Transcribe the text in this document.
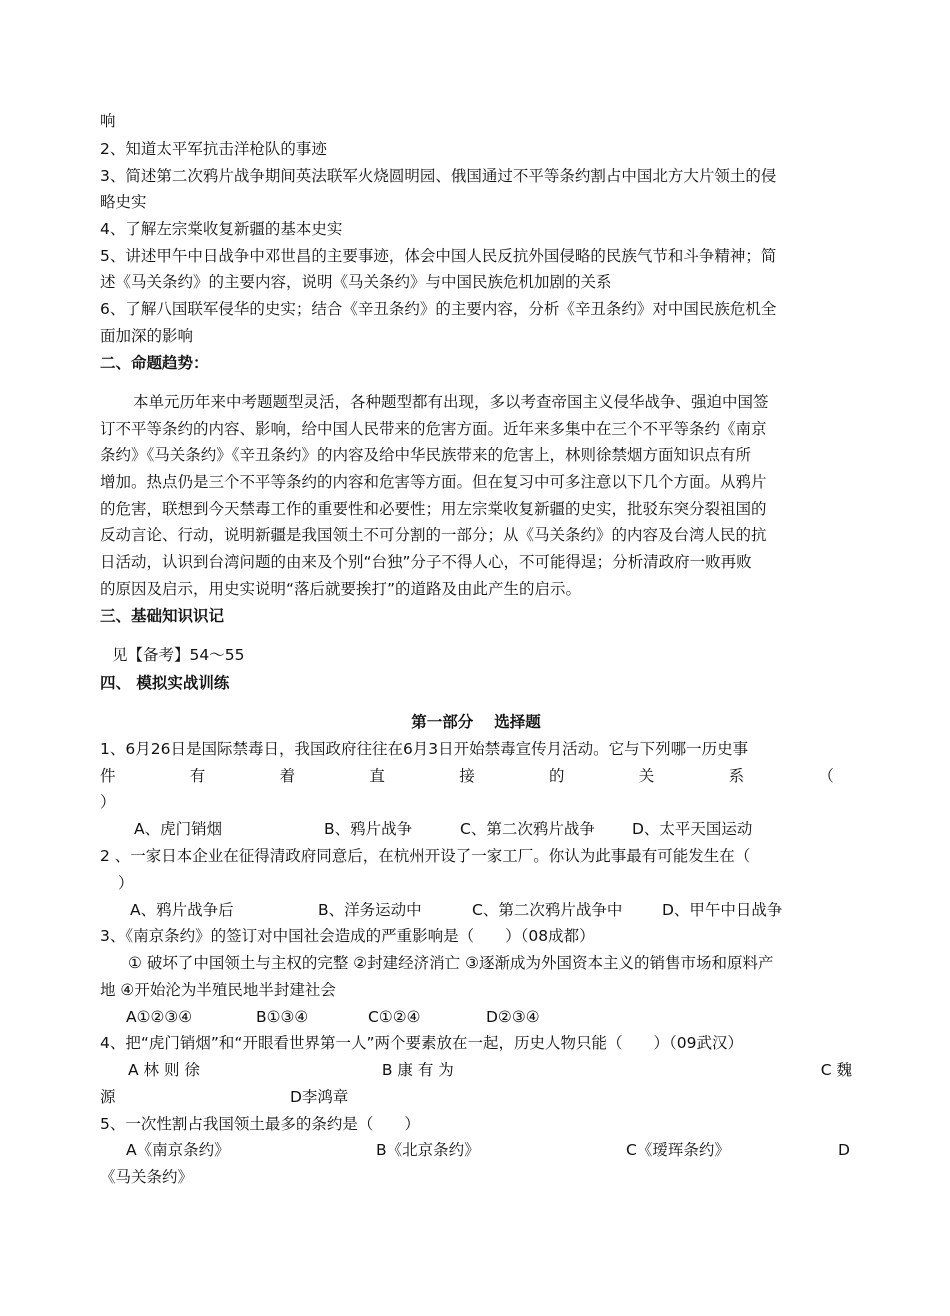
响
2、知道太平军抗击洋枪队的事迹
3、简述第二次鸦片战争期间英法联军火烧圆明园、俄国通过不平等条约割占中国北方大片领土的侵
略史实
4、了解左宗棠收复新疆的基本史实
5、讲述甲午中日战争中邓世昌的主要事迹，体会中国人民反抗外国侵略的民族气节和斗争精神；简
述《马关条约》的主要内容，说明《马关条约》与中国民族危机加剧的关系
6、了解八国联军侵华的史实；结合《辛丑条约》的主要内容，分析《辛丑条约》对中国民族危机全
面加深的影响
二、命题趋势：
本单元历年来中考题题型灵活，各种题型都有出现，多以考查帝国主义侵华战争、强迫中国签
订不平等条约的内容、影响，给中国人民带来的危害方面。近年来多集中在三个不平等条约《南京
条约》《马关条约》《辛丑条约》的内容及给中华民族带来的危害上，林则徐禁烟方面知识点有所
增加。热点仍是三个不平等条约的内容和危害等方面。但在复习中可多注意以下几个方面。从鸦片
的危害，联想到今天禁毒工作的重要性和必要性；用左宗棠收复新疆的史实，批驳东突分裂祖国的
反动言论、行动，说明新疆是我国领土不可分割的一部分；从《马关条约》的内容及台湾人民的抗
日活动，认识到台湾问题的由来及个别“台独”分子不得人心，不可能得逞；分析清政府一败再败
的原因及启示，用史实说明“落后就要挨打”的道路及由此产生的启示。
三、基础知识识记
见【备考】54～55
四、 模拟实战训练
第一部分　 选择题
1、6月26日是国际禁毒日，我国政府往往在6月3日开始禁毒宣传月活动。它与下列哪一历史事
件	有	着	直	接	的	关	系	（
）
A、虎门销烟	B、鸦片战争	C、第二次鸦片战争	D、太平天国运动
2 、一家日本企业在征得清政府同意后，在杭州开设了一家工厂。你认为此事最有可能发生在（
）
A、鸦片战争后	B、洋务运动中	C、第二次鸦片战争中	D、甲午中日战争
3、《南京条约》的签订对中国社会造成的严重影响是（　　）（08成都）
① 破坏了中国领土与主权的完整 ②封建经济消亡 ③逐渐成为外国资本主义的销售市场和原料产
地 ④开始沦为半殖民地半封建社会
A①②③④	B①③④	C①②④	D②③④
4、把“虎门销烟”和“开眼看世界第一人”两个要素放在一起，历史人物只能（　　）（09武汉）
A 林 则 徐	B 康 有 为	C 魏
源	D李鸿章
5、一次性割占我国领土最多的条约是（　　）
A《南京条约》	B《北京条约》	C《瑷珲条约》	D
《马关条约》
